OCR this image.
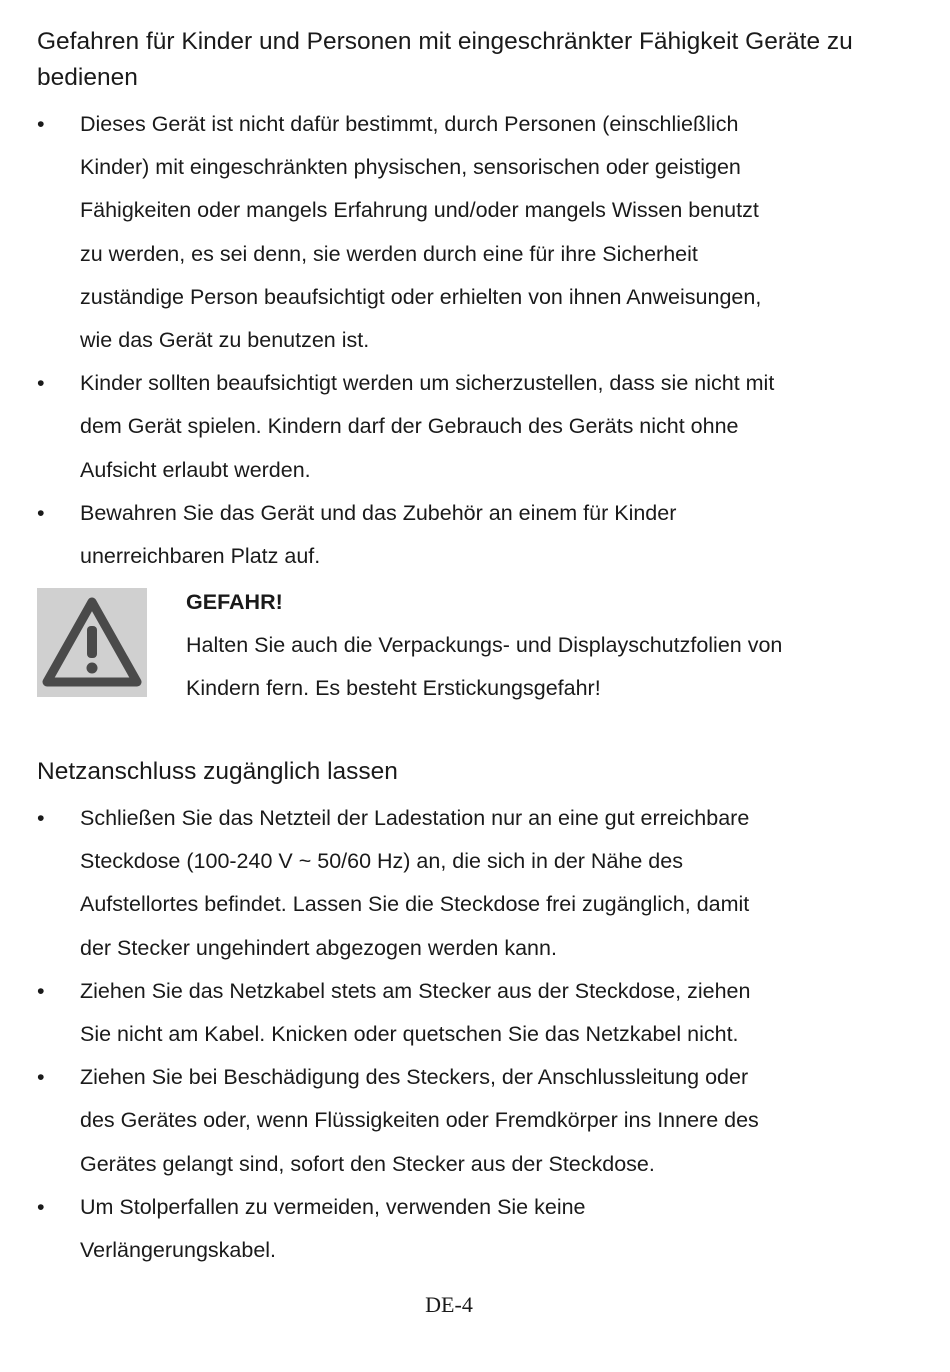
Gefahren für Kinder und Personen mit eingeschränkter Fähigkeit Geräte zu bedienen
• Dieses Gerät ist nicht dafür bestimmt, durch Personen (einschließlich
Kinder) mit eingeschränkten physischen, sensorischen oder geistigen
Fähigkeiten oder mangels Erfahrung und/oder mangels Wissen benutzt
zu werden, es sei denn, sie werden durch eine für ihre Sicherheit
zuständige Person beaufsichtigt oder erhielten von ihnen Anweisungen,
wie das Gerät zu benutzen ist.
• Kinder sollten beaufsichtigt werden um sicherzustellen, dass sie nicht mit
dem Gerät spielen. Kindern darf der Gebrauch des Geräts nicht ohne
Aufsicht erlaubt werden.
• Bewahren Sie das Gerät und das Zubehör an einem für Kinder
unerreichbaren Platz auf.

GEFAHR!

Halten Sie auch die Verpackungs- und Displayschutzfolien von
Kindern fern. Es besteht Erstickungsgefahr!

Netzanschluss zugänglich lassen
• Schließen Sie das Netzteil der Ladestation nur an eine gut erreichbare
Steckdose (100-240 V ~ 50/60 Hz) an, die sich in der Nähe des
Aufstellortes befindet. Lassen Sie die Steckdose frei zugänglich, damit
der Stecker ungehindert abgezogen werden kann.
• Ziehen Sie das Netzkabel stets am Stecker aus der Steckdose, ziehen
Sie nicht am Kabel. Knicken oder quetschen Sie das Netzkabel nicht.
• Ziehen Sie bei Beschädigung des Steckers, der Anschlussleitung oder
des Gerätes oder, wenn Flüssigkeiten oder Fremdkörper ins Innere des
Gerätes gelangt sind, sofort den Stecker aus der Steckdose.
• Um Stolperfallen zu vermeiden, verwenden Sie keine
Verlängerungskabel.
DE-4
